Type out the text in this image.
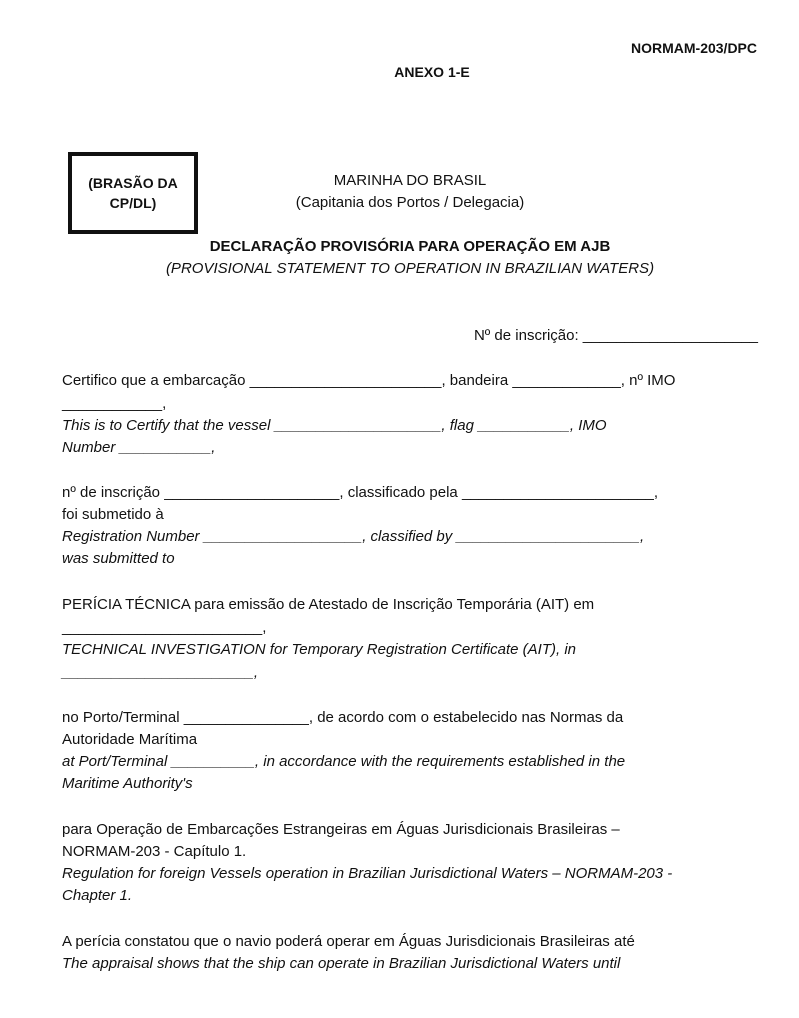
NORMAM-203/DPC
ANEXO 1-E
(BRASÃO DA
CP/DL)
MARINHA DO BRASIL
(Capitania dos Portos / Delegacia)
DECLARAÇÃO PROVISÓRIA PARA OPERAÇÃO EM AJB
(PROVISIONAL STATEMENT TO OPERATION IN BRAZILIAN WATERS)
Nº de inscrição: _____________________
Certifico que a embarcação _______________________, bandeira _____________, nº IMO
____________,
This is to Certify that the vessel ____________________, flag ___________, IMO
Number ___________,
nº de inscrição _____________________, classificado pela _______________________,
foi submetido à
Registration Number ___________________, classified by ______________________,
was submitted to
PERÍCIA TÉCNICA para emissão de Atestado de Inscrição Temporária (AIT) em
________________________,
TECHNICAL INVESTIGATION for Temporary Registration Certificate (AIT), in
_______________________,
no Porto/Terminal _______________, de acordo com o estabelecido nas Normas da
Autoridade Marítima
at Port/Terminal __________, in accordance with the requirements established in the
Maritime Authority's
para Operação de Embarcações Estrangeiras em Águas Jurisdicionais Brasileiras –
NORMAM-203 - Capítulo 1.
Regulation for foreign Vessels operation in Brazilian Jurisdictional Waters – NORMAM-203 -
Chapter 1.
A perícia constatou que o navio poderá operar em Águas Jurisdicionais Brasileiras até
The appraisal shows that the ship can operate in Brazilian Jurisdictional Waters until
